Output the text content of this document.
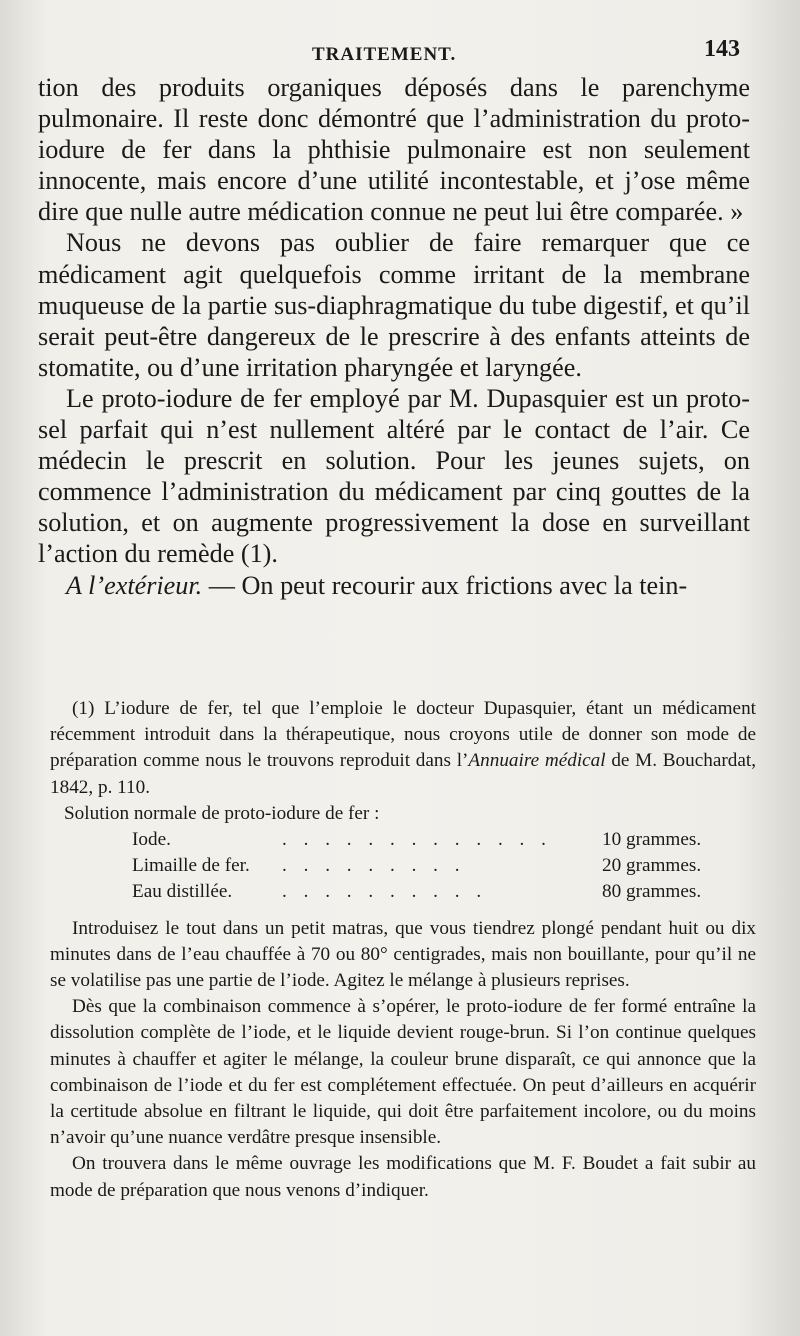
TRAITEMENT.	143

tion des produits organiques déposés dans le parenchyme pulmonaire. Il reste donc démontré que l’administration du proto-iodure de fer dans la phthisie pulmonaire est non seulement innocente, mais encore d’une utilité incontestable, et j’ose même dire que nulle autre médication connue ne peut lui être comparée. »

Nous ne devons pas oublier de faire remarquer que ce médicament agit quelquefois comme irritant de la membrane muqueuse de la partie sus-diaphragmatique du tube digestif, et qu’il serait peut-être dangereux de le prescrire à des enfants atteints de stomatite, ou d’une irritation pharyngée et laryngée.

Le proto-iodure de fer employé par M. Dupasquier est un proto-sel parfait qui n’est nullement altéré par le contact de l’air. Ce médecin le prescrit en solution. Pour les jeunes sujets, on commence l’administration du médicament par cinq gouttes de la solution, et on augmente progressivement la dose en surveillant l’action du remède (1).

A l’extérieur. — On peut recourir aux frictions avec la tein-

(1) L’iodure de fer, tel que l’emploie le docteur Dupasquier, étant un médicament récemment introduit dans la thérapeutique, nous croyons utile de donner son mode de préparation comme nous le trouvons reproduit dans l’Annuaire médical de M. Bouchardat, 1842, p. 110.

Solution normale de proto-iodure de fer :
Iode.	. . . . . . . . . . . . .	10 grammes.
Limaille de fer. . . . . . . . . .	20 grammes.
Eau distillée.	. . . . . . . . . .	80 grammes.

Introduisez le tout dans un petit matras, que vous tiendrez plongé pendant huit ou dix minutes dans de l’eau chauffée à 70 ou 80° centigrades, mais non bouillante, pour qu’il ne se volatilise pas une partie de l’iode. Agitez le mélange à plusieurs reprises.

Dès que la combinaison commence à s’opérer, le proto-iodure de fer formé entraîne la dissolution complète de l’iode, et le liquide devient rouge-brun. Si l’on continue quelques minutes à chauffer et agiter le mélange, la couleur brune disparaît, ce qui annonce que la combinaison de l’iode et du fer est complétement effectuée. On peut d’ailleurs en acquérir la certitude absolue en filtrant le liquide, qui doit être parfaitement incolore, ou du moins n’avoir qu’une nuance verdâtre presque insensible.

On trouvera dans le même ouvrage les modifications que M. F. Boudet a fait subir au mode de préparation que nous venons d’indiquer.
